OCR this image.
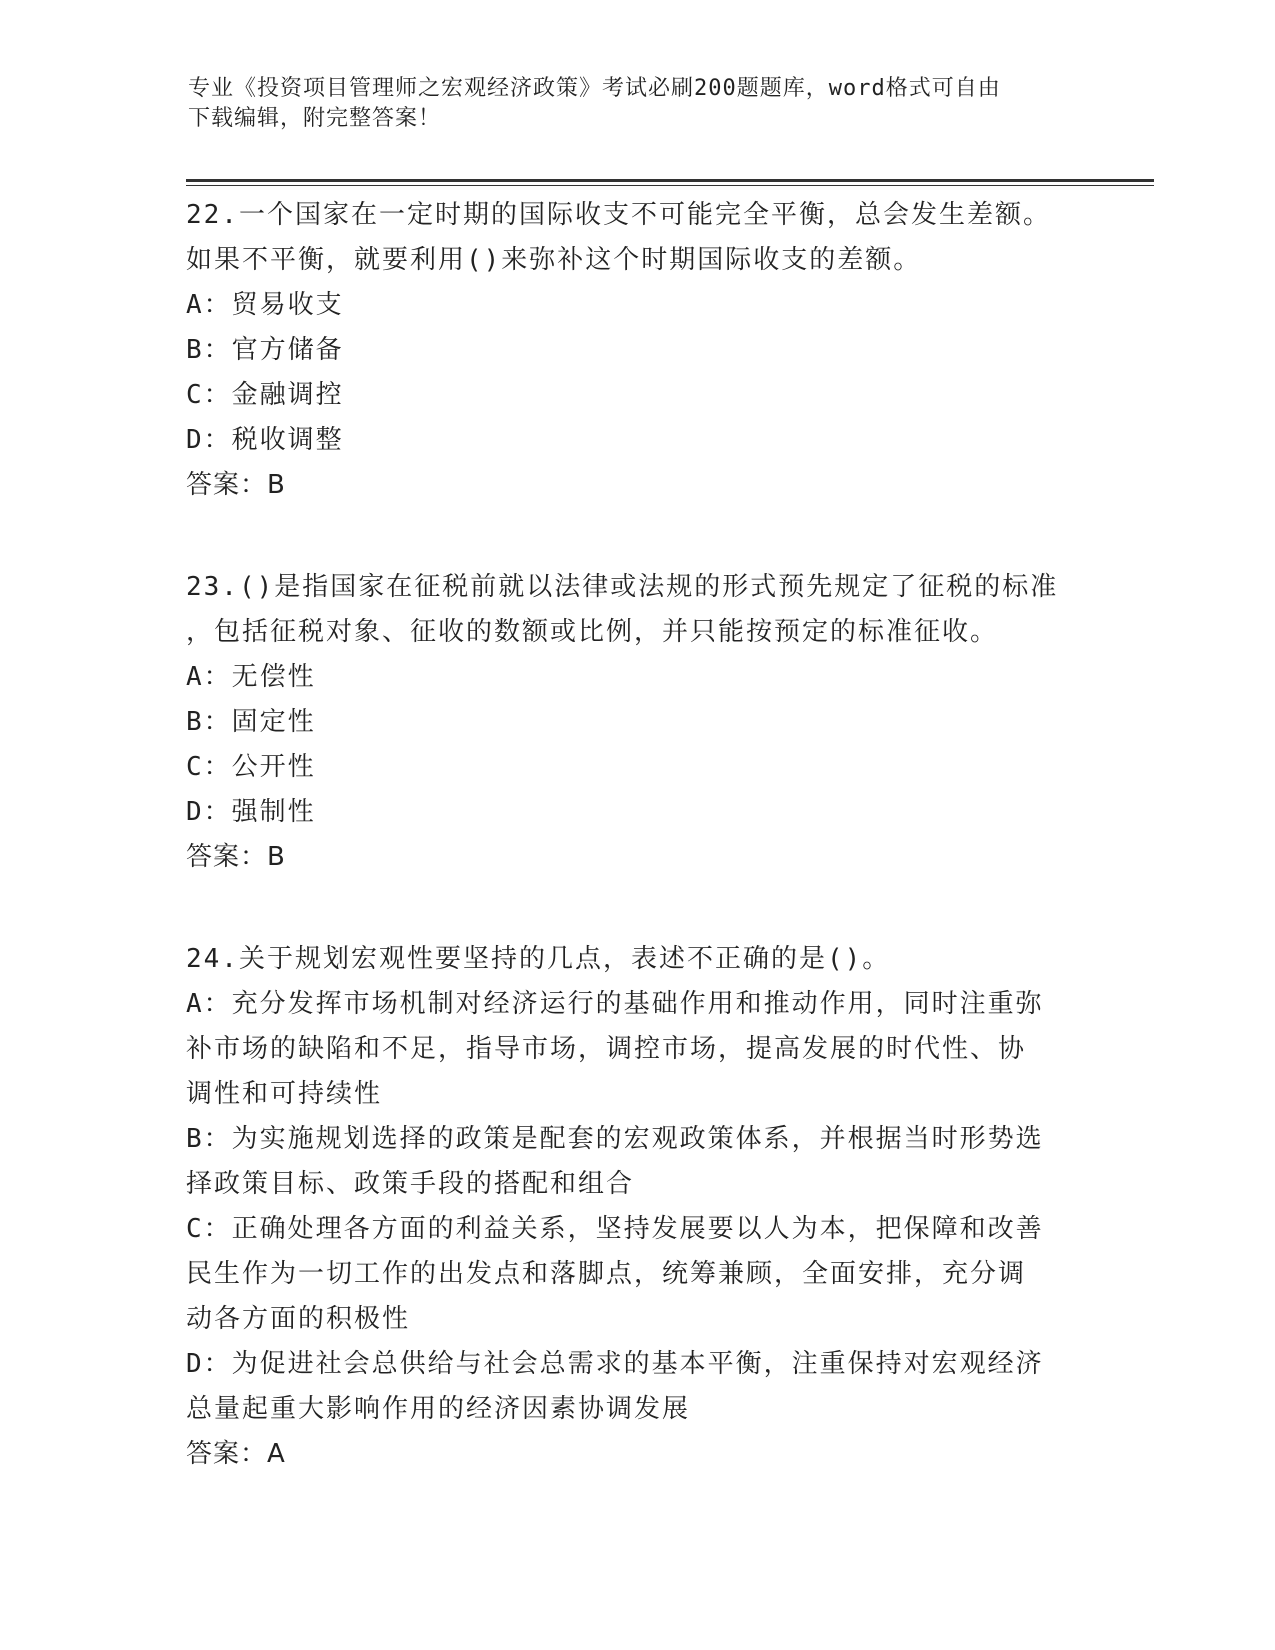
专业《投资项目管理师之宏观经济政策》考试必刷200题题库，word格式可自由
下载编辑，附完整答案！
22.一个国家在一定时期的国际收支不可能完全平衡，总会发生差额。
如果不平衡，就要利用()来弥补这个时期国际收支的差额。
A：贸易收支
B：官方储备
C：金融调控
D：税收调整
答案：B
23.()是指国家在征税前就以法律或法规的形式预先规定了征税的标准
，包括征税对象、征收的数额或比例，并只能按预定的标准征收。
A：无偿性
B：固定性
C：公开性
D：强制性
答案：B
24.关于规划宏观性要坚持的几点，表述不正确的是()。
A：充分发挥市场机制对经济运行的基础作用和推动作用，同时注重弥
补市场的缺陷和不足，指导市场，调控市场，提高发展的时代性、协
调性和可持续性
B：为实施规划选择的政策是配套的宏观政策体系，并根据当时形势选
择政策目标、政策手段的搭配和组合
C：正确处理各方面的利益关系，坚持发展要以人为本，把保障和改善
民生作为一切工作的出发点和落脚点，统筹兼顾，全面安排，充分调
动各方面的积极性
D：为促进社会总供给与社会总需求的基本平衡，注重保持对宏观经济
总量起重大影响作用的经济因素协调发展
答案：A
